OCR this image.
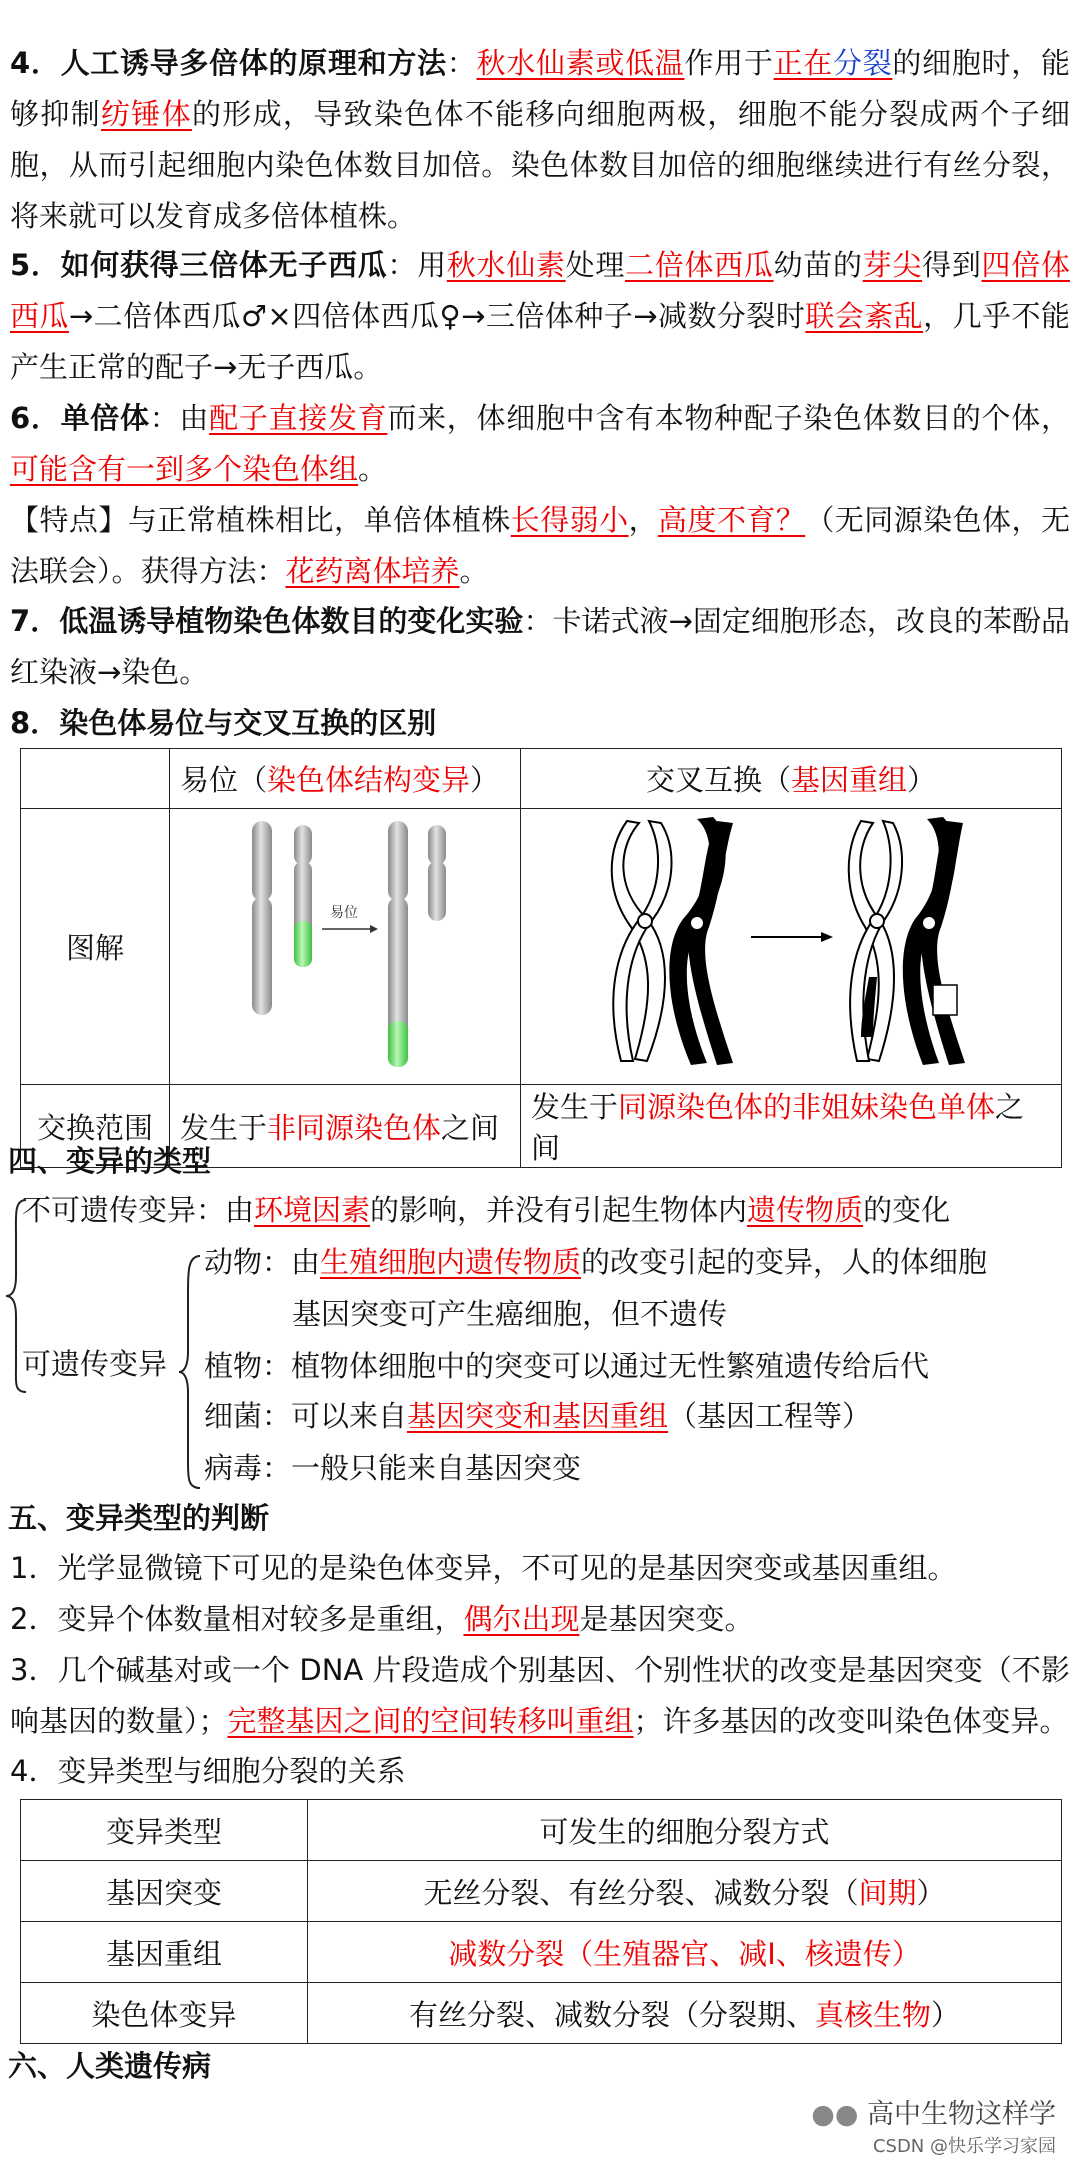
4．人工诱导多倍体的原理和方法：秋水仙素或低温作用于正在分裂的细胞时，能够抑制纺锤体的形成，导致染色体不能移向细胞两极，细胞不能分裂成两个子细胞，从而引起细胞内染色体数目加倍。染色体数目加倍的细胞继续进行有丝分裂，将来就可以发育成多倍体植株。

5．如何获得三倍体无子西瓜：用秋水仙素处理二倍体西瓜幼苗的芽尖得到四倍体西瓜→二倍体西瓜♂×四倍体西瓜♀→三倍体种子→减数分裂时联会紊乱，几乎不能产生正常的配子→无子西瓜。

6．单倍体：由配子直接发育而来，体细胞中含有本物种配子染色体数目的个体，可能含有一到多个染色体组。

【特点】与正常植株相比，单倍体植株长得弱小，高度不育？（无同源染色体，无法联会）。获得方法：花药离体培养。

7．低温诱导植物染色体数目的变化实验：卡诺式液→固定细胞形态，改良的苯酚品红染液→染色。

8．染色体易位与交叉互换的区别

	易位（染色体结构变异）	交叉互换（基因重组）
图解	易位

交换范围	发生于非同源染色体之间	发生于同源染色体的非姐妹染色单体之间
四、变异的类型
不可遗传变异：由环境因素的影响，并没有引起生物体内遗传物质的变化
可遗传变异
动物：由生殖细胞内遗传物质的改变引起的变异，人的体细胞
基因突变可产生癌细胞，但不遗传
植物：植物体细胞中的突变可以通过无性繁殖遗传给后代
细菌：可以来自基因突变和基因重组（基因工程等）
病毒：一般只能来自基因突变
五、变异类型的判断

1．光学显微镜下可见的是染色体变异，不可见的是基因突变或基因重组。

2．变异个体数量相对较多是重组，偶尔出现是基因突变。

3．几个碱基对或一个 DNA 片段造成个别基因、个别性状的改变是基因突变（不影响基因的数量）；完整基因之间的空间转移叫重组；许多基因的改变叫染色体变异。

4．变异类型与细胞分裂的关系

变异类型	可发生的细胞分裂方式
基因突变	无丝分裂、有丝分裂、减数分裂（间期）
基因重组	减数分裂（生殖器官、减Ⅰ、核遗传）
染色体变异	有丝分裂、减数分裂（分裂期、真核生物）
六、人类遗传病
●● 高中生物这样学
CSDN @快乐学习家园
